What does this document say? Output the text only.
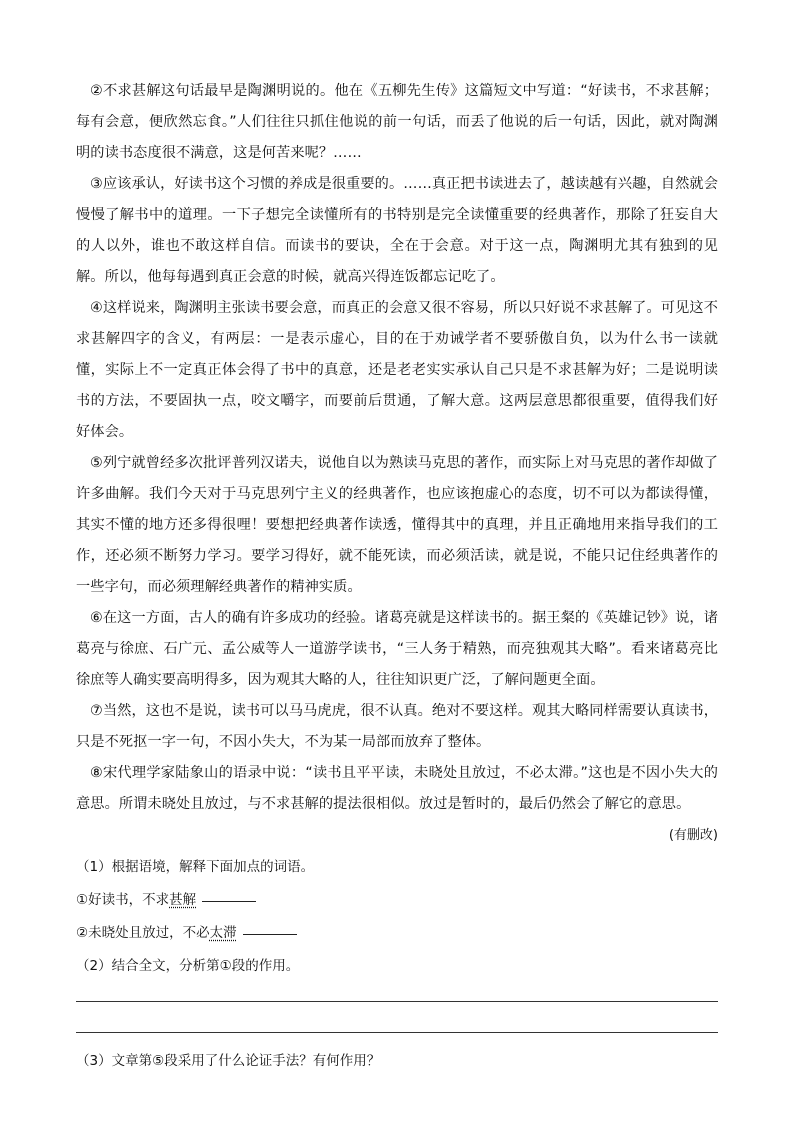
②不求甚解这句话最早是陶渊明说的。他在《五柳先生传》这篇短文中写道：“好读书，不求甚解；每有会意，便欣然忘食。”人们往往只抓住他说的前一句话，而丢了他说的后一句话，因此，就对陶渊明的读书态度很不满意，这是何苦来呢？……

③应该承认，好读书这个习惯的养成是很重要的。……真正把书读进去了，越读越有兴趣，自然就会慢慢了解书中的道理。一下子想完全读懂所有的书特别是完全读懂重要的经典著作，那除了狂妄自大的人以外，谁也不敢这样自信。而读书的要诀，全在于会意。对于这一点，陶渊明尤其有独到的见解。所以，他每每遇到真正会意的时候，就高兴得连饭都忘记吃了。

④这样说来，陶渊明主张读书要会意，而真正的会意又很不容易，所以只好说不求甚解了。可见这不求甚解四字的含义，有两层：一是表示虚心，目的在于劝诫学者不要骄傲自负，以为什么书一读就懂，实际上不一定真正体会得了书中的真意，还是老老实实承认自己只是不求甚解为好；二是说明读书的方法，不要固执一点，咬文嚼字，而要前后贯通，了解大意。这两层意思都很重要，值得我们好好体会。

⑤列宁就曾经多次批评普列汉诺夫，说他自以为熟读马克思的著作，而实际上对马克思的著作却做了许多曲解。我们今天对于马克思列宁主义的经典著作，也应该抱虚心的态度，切不可以为都读得懂，其实不懂的地方还多得很哩！要想把经典著作读透，懂得其中的真理，并且正确地用来指导我们的工作，还必须不断努力学习。要学习得好，就不能死读，而必须活读，就是说，不能只记住经典著作的一些字句，而必须理解经典著作的精神实质。

⑥在这一方面，古人的确有许多成功的经验。诸葛亮就是这样读书的。据王粲的《英雄记钞》说，诸葛亮与徐庶、石广元、孟公威等人一道游学读书，“三人务于精熟，而亮独观其大略”。看来诸葛亮比徐庶等人确实要高明得多，因为观其大略的人，往往知识更广泛，了解问题更全面。

⑦当然，这也不是说，读书可以马马虎虎，很不认真。绝对不要这样。观其大略同样需要认真读书，只是不死抠一字一句，不因小失大，不为某一局部而放弃了整体。

⑧宋代理学家陆象山的语录中说：“读书且平平读，未晓处且放过，不必太滞。”这也是不因小失大的意思。所谓未晓处且放过，与不求甚解的提法很相似。放过是暂时的，最后仍然会了解它的意思。

(有删改)

（1）根据语境，解释下面加点的词语。

①好读书，不求甚解

②未晓处且放过，不必太滞

（2）结合全文，分析第①段的作用。

（3）文章第⑤段采用了什么论证手法？有何作用？
